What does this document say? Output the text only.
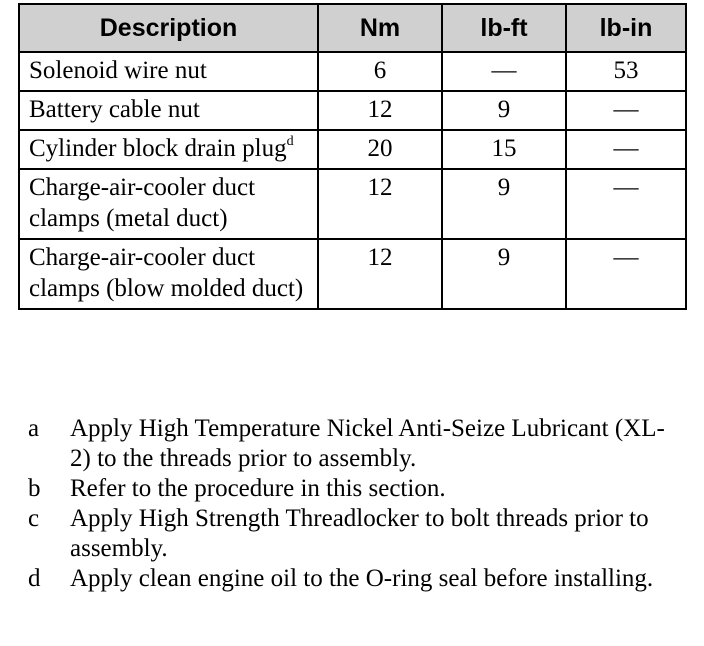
Description	Nm	lb-ft	lb-in
Solenoid wire nut	6	—	53
Battery cable nut	12	9	—
Cylinder block drain plug$^d$	20	15	—
Charge-air-cooler duct clamps (metal duct)	12	9	—
Charge-air-cooler duct clamps (blow molded duct)	12	9	—
a	Apply High Temperature Nickel Anti-Seize Lubricant (XL-2) to the threads prior to assembly.
b	Refer to the procedure in this section.
c	Apply High Strength Threadlocker to bolt threads prior to assembly.
d	Apply clean engine oil to the O-ring seal before installing.
